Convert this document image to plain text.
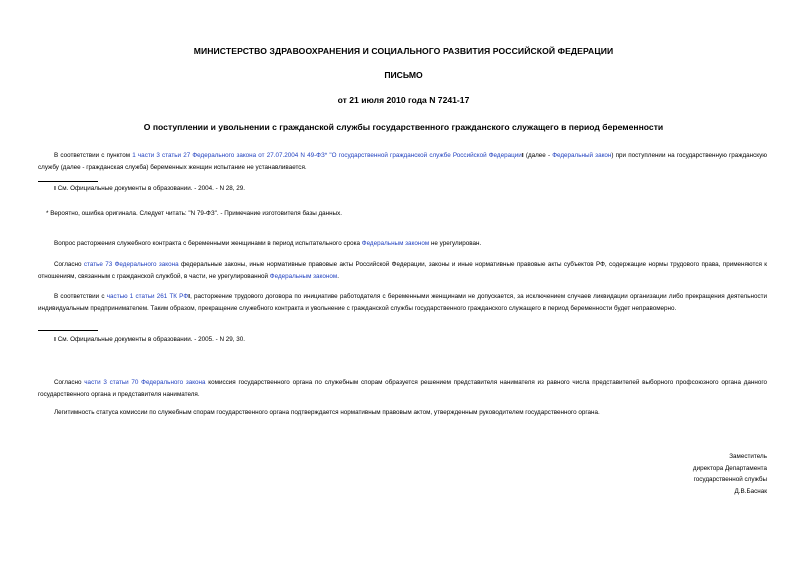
МИНИСТЕРСТВО ЗДРАВООХРАНЕНИЯ И СОЦИАЛЬНОГО РАЗВИТИЯ РОССИЙСКОЙ ФЕДЕРАЦИИ
ПИСЬМО
от 21 июля 2010 года N 7241-17
О поступлении и увольнении с гражданской службы государственного гражданского служащего в период беременности
В соответствии с пунктом 1 части 3 статьи 27 Федерального закона от 27.07.2004 N 49-ФЗ* "О государственной гражданской службе Российской Федерацииı (далее - Федеральный закон) при поступлении на государственную гражданскую службу (далее - гражданская служба) беременных женщин испытание не устанавливается.
ı См. Официальные документы в образовании. - 2004. - N 28, 29.
* Вероятно, ошибка оригинала. Следует читать: "N 79-ФЗ". - Примечание изготовителя базы данных.
Вопрос расторжения служебного контракта с беременными женщинами в период испытательного срока Федеральным законом не урегулирован.
Согласно статье 73 Федерального закона федеральные законы, иные нормативные правовые акты Российской Федерации, законы и иные нормативные правовые акты субъектов РФ, содержащие нормы трудового права, применяются к отношениям, связанным с гражданской службой, в части, не урегулированной Федеральным законом.
В соответствии с частью 1 статьи 261 ТК РФı, расторжение трудового договора по инициативе работодателя с беременными женщинами не допускается, за исключением случаев ликвидации организации либо прекращения деятельности индивидуальным предпринимателем. Таким образом, прекращение служебного контракта и увольнение с гражданской службы государственного гражданского служащего в период беременности будет неправомерно.
ı См. Официальные документы в образовании. - 2005. - N 29, 30.
Согласно части 3 статьи 70 Федерального закона комиссия государственного органа по служебным спорам образуется решением представителя нанимателя из равного числа представителей выборного профсоюзного органа данного государственного органа и представителя нанимателя.
Легитимность статуса комиссии по служебным спорам государственного органа подтверждается нормативным правовым актом, утвержденным руководителем государственного органа.
Заместитель
директора Департамента
государственной службы
Д.В.Баснак
